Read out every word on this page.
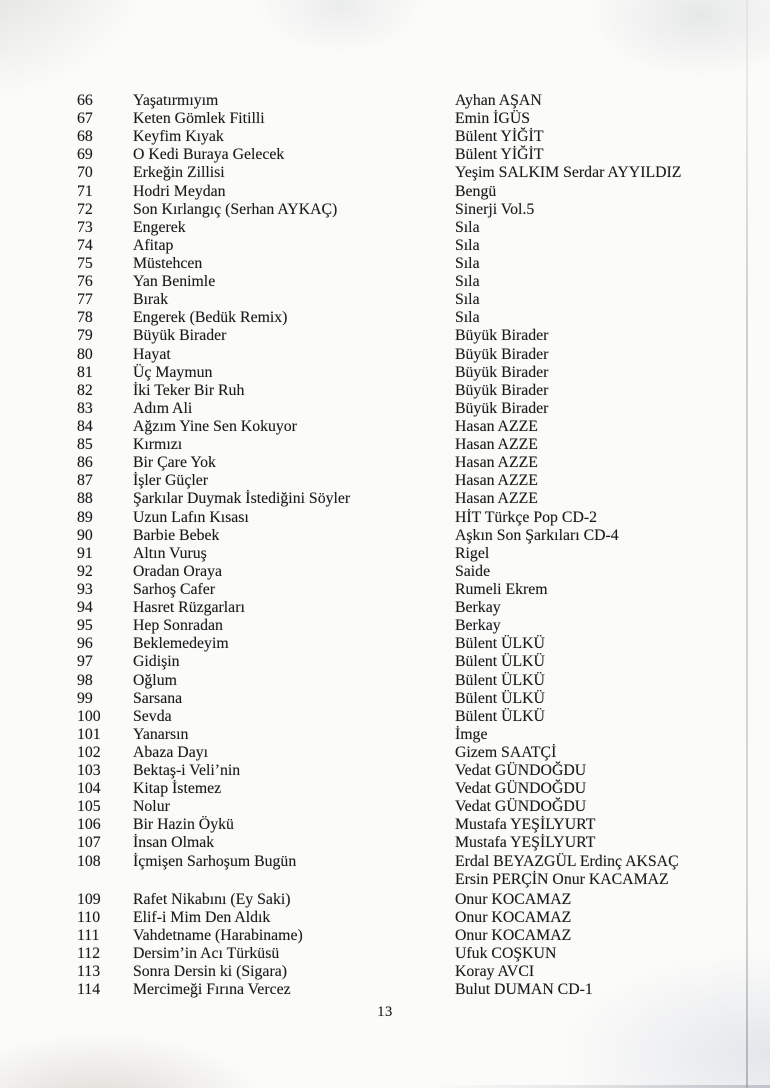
66	Yaşatırmıyım	Ayhan AŞAN
67	Keten Gömlek Fitilli	Emin İGÜS
68	Keyfim Kıyak	Bülent YİĞİT
69	O Kedi Buraya Gelecek	Bülent YİĞİT
70	Erkeğin Zillisi	Yeşim SALKIM Serdar AYYILDIZ
71	Hodri Meydan	Bengü
72	Son Kırlangıç (Serhan AYKAÇ)	Sinerji Vol.5
73	Engerek	Sıla
74	Afitap	Sıla
75	Müstehcen	Sıla
76	Yan Benimle	Sıla
77	Bırak	Sıla
78	Engerek (Bedük Remix)	Sıla
79	Büyük Birader	Büyük Birader
80	Hayat	Büyük Birader
81	Üç Maymun	Büyük Birader
82	İki Teker Bir Ruh	Büyük Birader
83	Adım Ali	Büyük Birader
84	Ağzım Yine Sen Kokuyor	Hasan AZZE
85	Kırmızı	Hasan AZZE
86	Bir Çare Yok	Hasan AZZE
87	İşler Güçler	Hasan AZZE
88	Şarkılar Duymak İstediğini Söyler	Hasan AZZE
89	Uzun Lafın Kısası	HİT Türkçe Pop CD-2
90	Barbie Bebek	Aşkın Son Şarkıları CD-4
91	Altın Vuruş	Rigel
92	Oradan Oraya	Saide
93	Sarhoş Cafer	Rumeli Ekrem
94	Hasret Rüzgarları	Berkay
95	Hep Sonradan	Berkay
96	Beklemedeyim	Bülent ÜLKÜ
97	Gidişin	Bülent ÜLKÜ
98	Oğlum	Bülent ÜLKÜ
99	Sarsana	Bülent ÜLKÜ
100	Sevda	Bülent ÜLKÜ
101	Yanarsın	İmge
102	Abaza Dayı	Gizem SAATÇİ
103	Bektaş-i Veli’nin	Vedat GÜNDOĞDU
104	Kitap İstemez	Vedat GÜNDOĞDU
105	Nolur	Vedat GÜNDOĞDU
106	Bir Hazin Öykü	Mustafa YEŞİLYURT
107	İnsan Olmak	Mustafa YEŞİLYURT
108	İçmişen Sarhoşum Bugün	Erdal BEYAZGÜL Erdinç AKSAÇ
Ersin PERÇİN Onur KACAMAZ
109	Rafet Nikabını (Ey Saki)	Onur KOCAMAZ
110	Elif-i Mim Den Aldık	Onur KOCAMAZ
111	Vahdetname (Harabiname)	Onur KOCAMAZ
112	Dersim’in Acı Türküsü	Ufuk COŞKUN
113	Sonra Dersin ki (Sigara)	Koray AVCI
114	Mercimeği Fırına Vercez	Bulut DUMAN CD-1
13
